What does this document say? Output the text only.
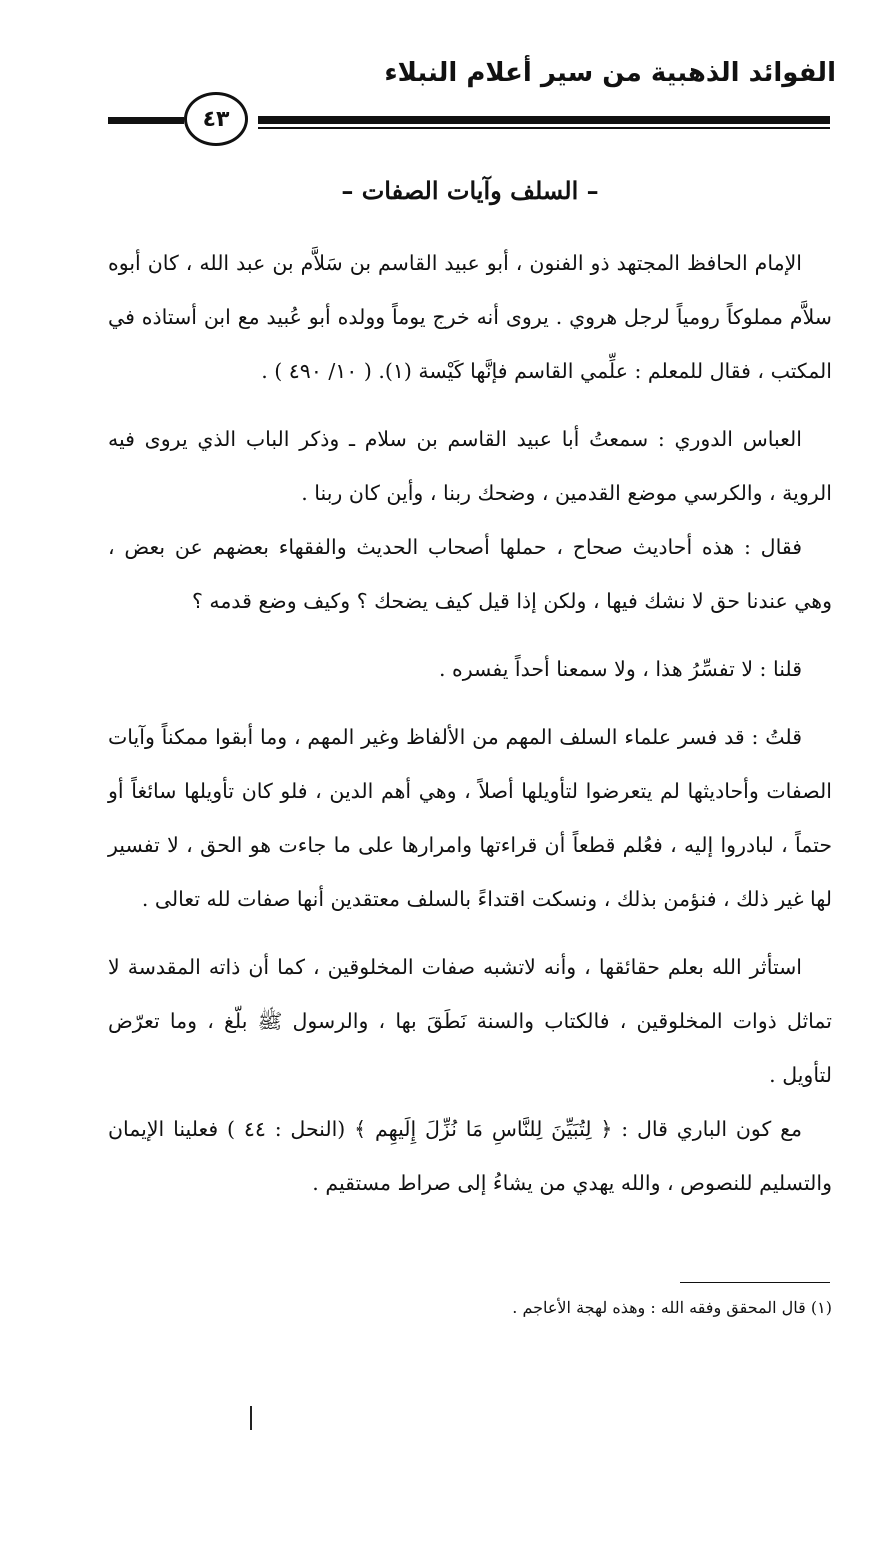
الفوائد الذهبية من سير أعلام النبلاء
٤٣
– السلف وآيات الصفات –

الإمام الحافظ المجتهد ذو الفنون ، أبو عبيد القاسم بن سَلاَّم بن عبد الله ، كان أبوه سلاَّم مملوكاً رومياً لرجل هروي . يروى أنه خرج يوماً وولده أبو عُبيد مع ابن أستاذه في المكتب ، فقال للمعلم : علِّمي القاسم فإنَّها كَيْسة (١). ( ١٠/ ٤٩٠ ) .

العباس الدوري : سمعتُ أبا عبيد القاسم بن سلام ـ وذكر الباب الذي يروى فيه الروية ، والكرسي موضع القدمين ، وضحك ربنا ، وأين كان ربنا .

فقال : هذه أحاديث صحاح ، حملها أصحاب الحديث والفقهاء بعضهم عن بعض ، وهي عندنا حق لا نشك فيها ، ولكن إذا قيل كيف يضحك ؟ وكيف وضع قدمه ؟

قلنا : لا تفسِّرُ هذا ، ولا سمعنا أحداً يفسره .

قلتُ : قد فسر علماء السلف المهم من الألفاظ وغير المهم ، وما أبقوا ممكناً وآيات الصفات وأحاديثها لم يتعرضوا لتأويلها أصلاً ، وهي أهم الدين ، فلو كان تأويلها سائغاً أو حتماً ، لبادروا إليه ، فعُلم قطعاً أن قراءتها وامرارها على ما جاءت هو الحق ، لا تفسير لها غير ذلك ، فنؤمن بذلك ، ونسكت اقتداءً بالسلف معتقدين أنها صفات لله تعالى .

استأثر الله بعلم حقائقها ، وأنه لاتشبه صفات المخلوقين ، كما أن ذاته المقدسة لا تماثل ذوات المخلوقين ، فالكتاب والسنة نَطَقَ بها ، والرسول ﷺ بلّغ ، وما تعرّض لتأويل .

مع كون الباري قال : ﴿ لِتُبَيِّنَ لِلنَّاسِ مَا نُزِّلَ إِلَيهِم ﴾ (النحل : ٤٤ ) فعلينا الإيمان والتسليم للنصوص ، والله يهدي من يشاءُ إلى صراط مستقيم .

(١) قال المحقق وفقه الله : وهذه لهجة الأعاجم .
